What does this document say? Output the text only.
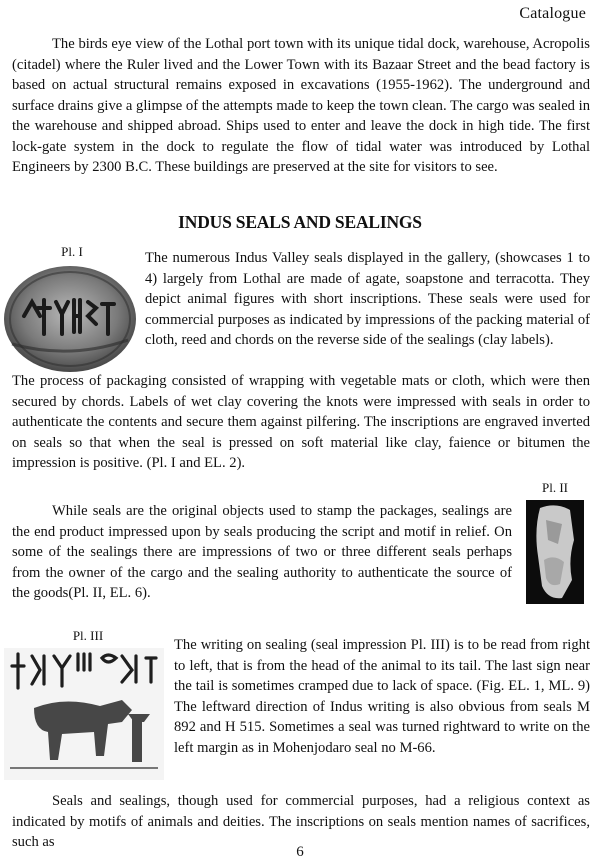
Catalogue

The birds eye view of the Lothal port town with its unique tidal dock, warehouse, Acropolis (citadel) where the Ruler lived and the Lower Town with its Bazaar Street and the bead factory is based on actual structural remains exposed in excavations (1955-1962). The underground and surface drains give a glimpse of the attempts made to keep the town clean. The cargo was sealed in the warehouse and shipped abroad. Ships used to enter and leave the dock in high tide. The first lock-gate system in the dock to regulate the flow of tidal water was introduced by Lothal Engineers by 2300 B.C. These buildings are preserved at the site for visitors to see.

INDUS SEALS AND SEALINGS
Pl. I	The numerous Indus Valley seals displayed in the gallery, (showcases 1 to 4) largely from Lothal are made of agate, soapstone and terracotta. They depict animal figures with short inscriptions. These seals were used for commercial purposes as indicated by impressions of the packing material of cloth, reed and chords on the reverse side of the sealings (clay labels).

The process of packaging consisted of wrapping with vegetable mats or cloth, which were then secured by chords. Labels of wet clay covering the knots were impressed with seals in order to authenticate the contents and secure them against pilfering. The inscriptions are engraved inverted on seals so that when the seal is pressed on soft material like clay, faience or bitumen the impression is positive. (Pl. I and EL. 2).

Pl. II

While seals are the original objects used to stamp the packages, sealings are the end product impressed upon by seals producing the script and motif in relief. On some of the sealings there are impressions of two or three different seals perhaps from the owner of the cargo and the sealing authority to authenticate the source of the goods(Pl. II, EL. 6).

Pl. III

The writing on sealing (seal impression Pl. III) is to be read from right to left, that is from the head of the animal to its tail. The last sign near the tail is sometimes cramped due to lack of space. (Fig. EL. 1, ML. 9) The leftward direction of Indus writing is also obvious from seals M 892 and H 515. Sometimes a seal was turned rightward to write on the left margin as in Mohenjodaro seal no M-66.

Seals and sealings, though used for commercial purposes, had a religious context as indicated by motifs of animals and deities. The inscriptions on seals mention names of sacrifices, such as

6
